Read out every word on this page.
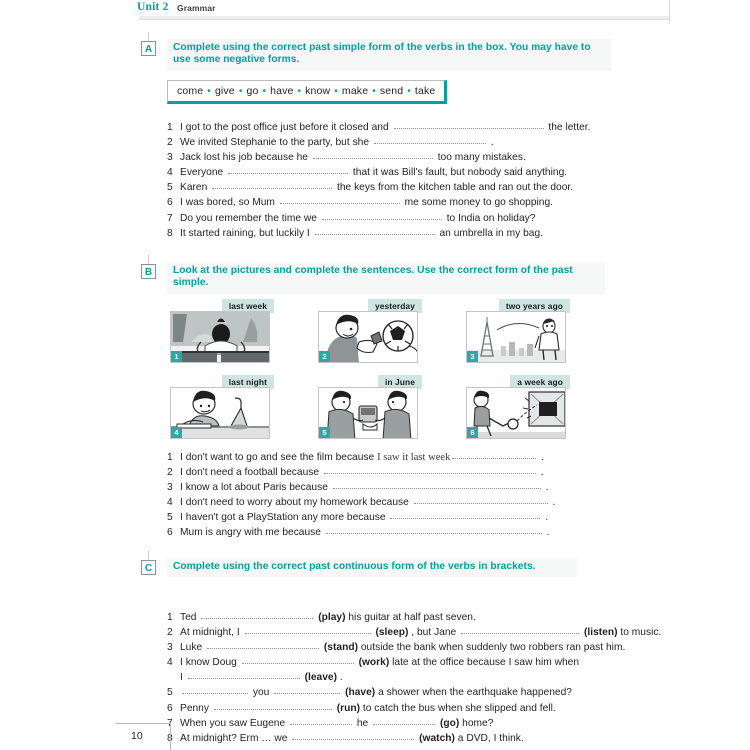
Unit 2 Grammar
A	Complete using the correct past simple form of the verbs in the box. You may have to use some negative forms.
come • give • go • have • know • make • send • take
1 I got to the post office just before it closed and	the letter.
2 We invited Stephanie to the party, but she	.
3 Jack lost his job because he	too many mistakes.
4 Everyone	that it was Bill's fault, but nobody said anything.
5 Karen	the keys from the kitchen table and ran out the door.
6 I was bored, so Mum	me some money to go shopping.
7 Do you remember the time we	to India on holiday?
8 It started raining, but luckily I	an umbrella in my bag.
B	Look at the pictures and complete the sentences. Use the correct form of the past simple.
last week
1
yesterday
2
two years ago
3
last night
4
in June
5
a week ago
6
1 I don't want to go and see the film because I saw it last week	.
2 I don't need a football because	.
3 I know a lot about Paris because	.
4 I don't need to worry about my homework because	.
5 I haven't got a PlayStation any more because	.
6 Mum is angry with me because	.
C	Complete using the correct past continuous form of the verbs in brackets.
1 Ted	(play) his guitar at half past seven.
2 At midnight, I	(sleep) , but Jane	(listen) to music.
3 Luke	(stand) outside the bank when suddenly two robbers ran past him.
4 I know Doug	(work) late at the office because I saw him when
I	(leave) .
5	you	(have) a shower when the earthquake happened?
6 Penny	(run) to catch the bus when she slipped and fell.
7 When you saw Eugene	he	(go) home?
8 At midnight? Erm … we	(watch) a DVD, I think.
10
